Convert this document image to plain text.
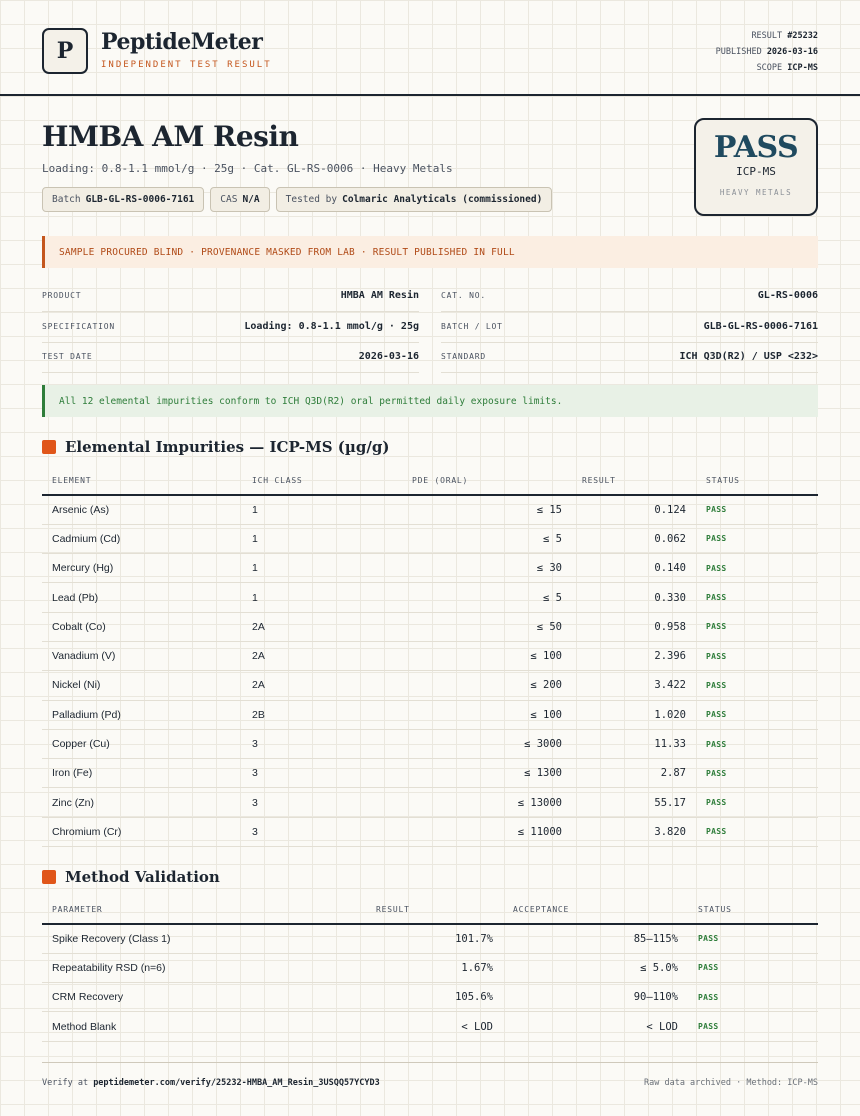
P	PeptideMeter
INDEPENDENT TEST RESULT
RESULT #25232
PUBLISHED 2026-03-16
SCOPE ICP-MS
HMBA AM Resin
Loading: 0.8-1.1 mmol/g · 25g · Cat. GL-RS-0006 · Heavy Metals
Batch GLB-GL-RS-0006-7161	CAS N/A	Tested by Colmaric Analyticals (commissioned)
PASS
ICP-MS
HEAVY METALS
SAMPLE PROCURED BLIND · PROVENANCE MASKED FROM LAB · RESULT PUBLISHED IN FULL
PRODUCT	HMBA AM Resin	CAT. NO.	GL-RS-0006
SPECIFICATION	Loading: 0.8-1.1 mmol/g · 25g	BATCH / LOT	GLB-GL-RS-0006-7161
TEST DATE	2026-03-16	STANDARD	ICH Q3D(R2) / USP <232>
All 12 elemental impurities conform to ICH Q3D(R2) oral permitted daily exposure limits.
Elemental Impurities — ICP-MS (µg/g)
ELEMENT	ICH CLASS	PDE (ORAL)	RESULT	STATUS
Arsenic (As)	1	≤ 15	0.124	PASS
Cadmium (Cd)	1	≤ 5	0.062	PASS
Mercury (Hg)	1	≤ 30	0.140	PASS
Lead (Pb)	1	≤ 5	0.330	PASS
Cobalt (Co)	2A	≤ 50	0.958	PASS
Vanadium (V)	2A	≤ 100	2.396	PASS
Nickel (Ni)	2A	≤ 200	3.422	PASS
Palladium (Pd)	2B	≤ 100	1.020	PASS
Copper (Cu)	3	≤ 3000	11.33	PASS
Iron (Fe)	3	≤ 1300	2.87	PASS
Zinc (Zn)	3	≤ 13000	55.17	PASS
Chromium (Cr)	3	≤ 11000	3.820	PASS
Method Validation
PARAMETER	RESULT	ACCEPTANCE	STATUS
Spike Recovery (Class 1)	101.7%	85–115%	PASS
Repeatability RSD (n=6)	1.67%	≤ 5.0%	PASS
CRM Recovery	105.6%	90–110%	PASS
Method Blank	< LOD	< LOD	PASS
Verify at peptidemeter.com/verify/25232-HMBA_AM_Resin_3USQQ57YCYD3	Raw data archived · Method: ICP-MS
